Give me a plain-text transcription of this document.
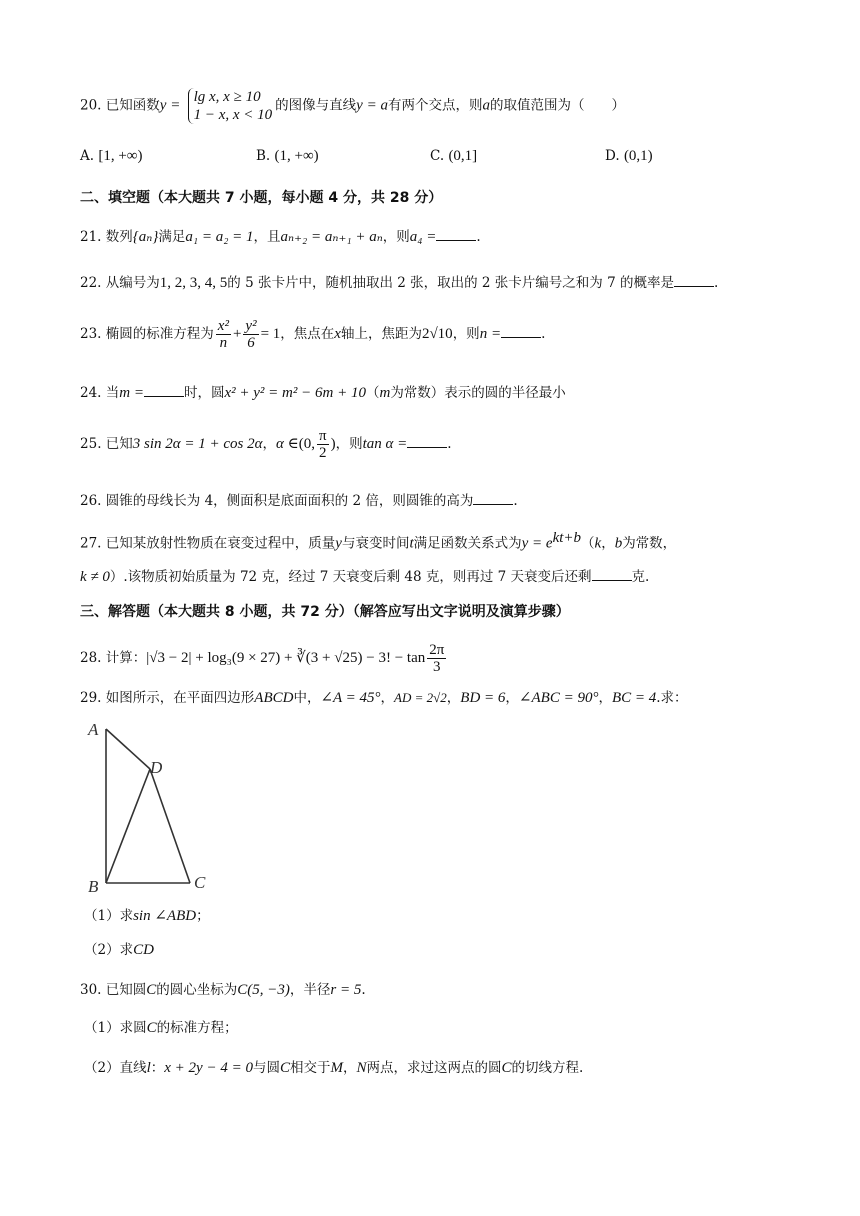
20. 已知函数y =
lg x, x ≥ 10
1 − x, x < 10
的图像与直线y = a有两个交点，则a的取值范围为（　　）
A. [1, +∞)	B. (1, +∞)	C. (0,1]	D. (0,1)
二、填空题（本大题共 7 小题，每小题 4 分，共 28 分）
21. 数列{aₙ}满足a₁ = a₂ = 1，且aₙ₊₂ = aₙ₊₁ + aₙ，则a₄ =	.
22. 从编号为1, 2, 3, 4, 5的 5 张卡片中，随机抽取出 2 张，取出的 2 张卡片编号之和为 7 的概率是	.
23. 椭圆的标准方程为 $\frac{\text{x²}}{n} + \frac{\text{y²}}{6} = 1$，焦点在x轴上，焦距为2√10，则n =	.
24. 当m =	时，圆x² + y² = m² − 6m + 10（m为常数）表示的圆的半径最小
25. 已知3 sin 2α = 1 + cos 2α，α ∈(0, $\frac{\pi}{2}$ )，则tan α =	.
26. 圆锥的母线长为 4，侧面积是底面面积的 2 倍，则圆锥的高为	.
27. 已知某放射性物质在衰变过程中，质量y与衰变时间t满足函数关系式为$y = e^{kt+b}(k$，b为常数，
k ≠ 0）.该物质初始质量为 72 克，经过 7 天衰变后剩 48 克，则再过 7 天衰变后还剩	克.
三、解答题（本大题共 8 小题，共 72 分）（解答应写出文字说明及演算步骤）
28. 计算：|√3 − 2| + log₃(9 × 27) + ∛(3 + √25) − 3! − $\tan \frac{2\pi}{3}$
29. 如图所示，在平面四边形ABCD中，∠A = 45°，AD = 2√2，BD = 6，∠ABC = 90°，BC = 4.求：
A
D
B	C
（1）求sin ∠ABD；
（2）求CD
30. 已知圆C的圆心坐标为C(5, −3)，半径r = 5.
（1）求圆C的标准方程；
（2）直线l：x + 2y − 4 = 0与圆C相交于M，N两点，求过这两点的圆C的切线方程.
